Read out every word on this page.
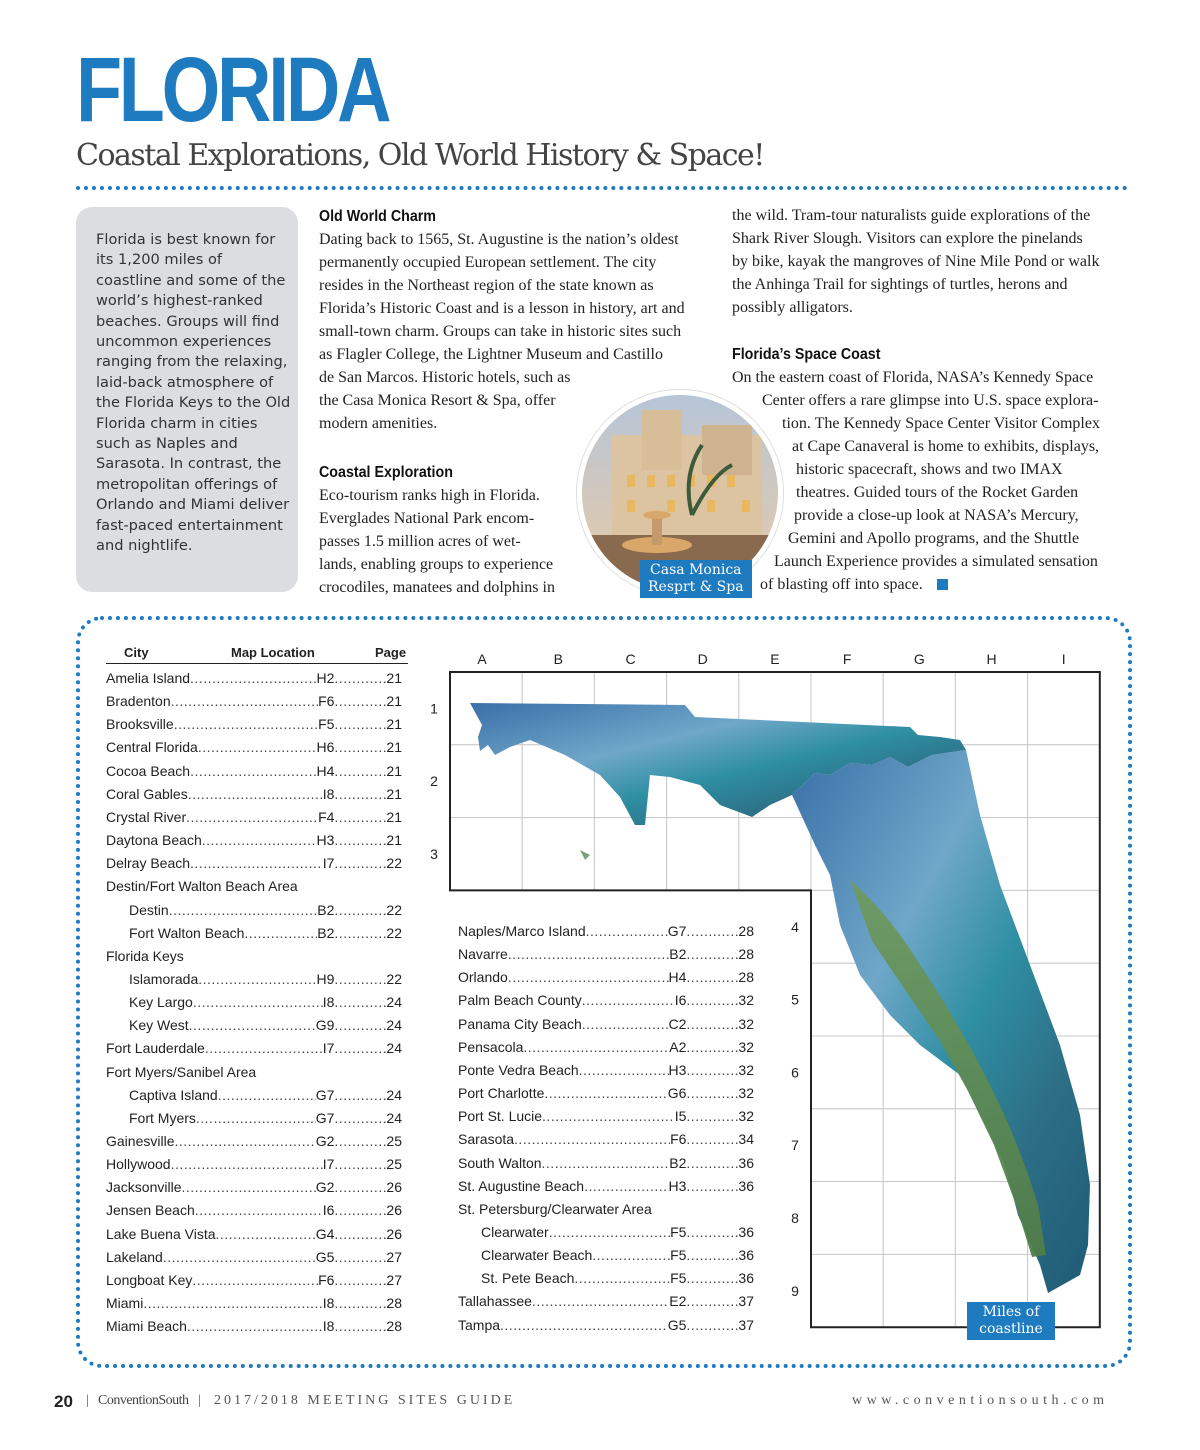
FLORIDA
Coastal Explorations, Old World History & Space!

Florida is best known for its 1,200 miles of coastline and some of the world’s highest-ranked beaches. Groups will find uncommon experiences ranging from the relaxing, laid-back atmosphere of the Florida Keys to the Old Florida charm in cities such as Naples and Sarasota. In contrast, the metropolitan offerings of Orlando and Miami deliver fast-paced entertainment and nightlife.

Old World Charm
Dating back to 1565, St. Augustine is the nation’s oldest
permanently occupied European settlement. The city
resides in the Northeast region of the state known as
Florida’s Historic Coast and is a lesson in history, art and
small-town charm. Groups can take in historic sites such
as Flagler College, the Lightner Museum and Castillo
de San Marcos. Historic hotels, such as
the Casa Monica Resort & Spa, offer
modern amenities.
Coastal Exploration
Eco-tourism ranks high in Florida.
Everglades National Park encom-
passes 1.5 million acres of wet-
lands, enabling groups to experience
crocodiles, manatees and dolphins in
the wild. Tram-tour naturalists guide explorations of the
Shark River Slough. Visitors can explore the pinelands
by bike, kayak the mangroves of Nine Mile Pond or walk
the Anhinga Trail for sightings of turtles, herons and
possibly alligators.
Florida’s Space Coast
On the eastern coast of Florida, NASA’s Kennedy Space
Center offers a rare glimpse into U.S. space explora-
tion. The Kennedy Space Center Visitor Complex
at Cape Canaveral is home to exhibits, displays,
historic spacecraft, shows and two IMAX
theatres. Guided tours of the Rocket Garden
provide a close-up look at NASA’s Mercury,
Gemini and Apollo programs, and the Shuttle
Launch Experience provides a simulated sensation
of blasting off into space.
Casa Monica
Resprt & Spa
City	Map Location	Page
Amelia Island .....	H2 .....	21
Bradenton .....	F6 .....	21
Brooksville .....	F5 .....	21
Central Florida .....	H6 .....	21
Cocoa Beach .....	H4 .....	21
Coral Gables .....	I8 .....	21
Crystal River .....	F4 .....	21
Daytona Beach .....	H3 .....	21
Delray Beach .....	I7 .....	22
Destin/Fort Walton Beach Area
Destin .....	B2 .....	22
Fort Walton Beach .....	B2 .....	22
Florida Keys
Islamorada .....	H9 .....	22
Key Largo .....	I8 .....	24
Key West .....	G9 .....	24
Fort Lauderdale .....	I7 .....	24
Fort Myers/Sanibel Area
Captiva Island .....	G7 .....	24
Fort Myers .....	G7 .....	24
Gainesville .....	G2 .....	25
Hollywood .....	I7 .....	25
Jacksonville .....	G2 .....	26
Jensen Beach .....	I6 .....	26
Lake Buena Vista .....	G4 .....	26
Lakeland .....	G5 .....	27
Longboat Key .....	F6 .....	27
Miami .....	I8 .....	28
Miami Beach .....	I8 .....	28
Naples/Marco Island .....	G7 .....	28
Navarre .....	B2 .....	28
Orlando .....	H4 .....	28
Palm Beach County .....	I6 .....	32
Panama City Beach .....	C2 .....	32
Pensacola .....	A2 .....	32
Ponte Vedra Beach .....	H3 .....	32
Port Charlotte .....	G6 .....	32
Port St. Lucie .....	I5 .....	32
Sarasota .....	F6 .....	34
South Walton .....	B2 .....	36
St. Augustine Beach .....	H3 .....	36
St. Petersburg/Clearwater Area
Clearwater .....	F5 .....	36
Clearwater Beach .....	F5 .....	36
St. Pete Beach .....	F5 .....	36
Tallahassee .....	E2 .....	37
Tampa .....	G5 .....	37
A	B	C	D	E	F	G	H	I
1
2
3
4
5
6
7
8
9
Miles of
coastline
20 | ConventionSouth | 2017/2018 MEETING SITES GUIDE	www.conventionsouth.com
